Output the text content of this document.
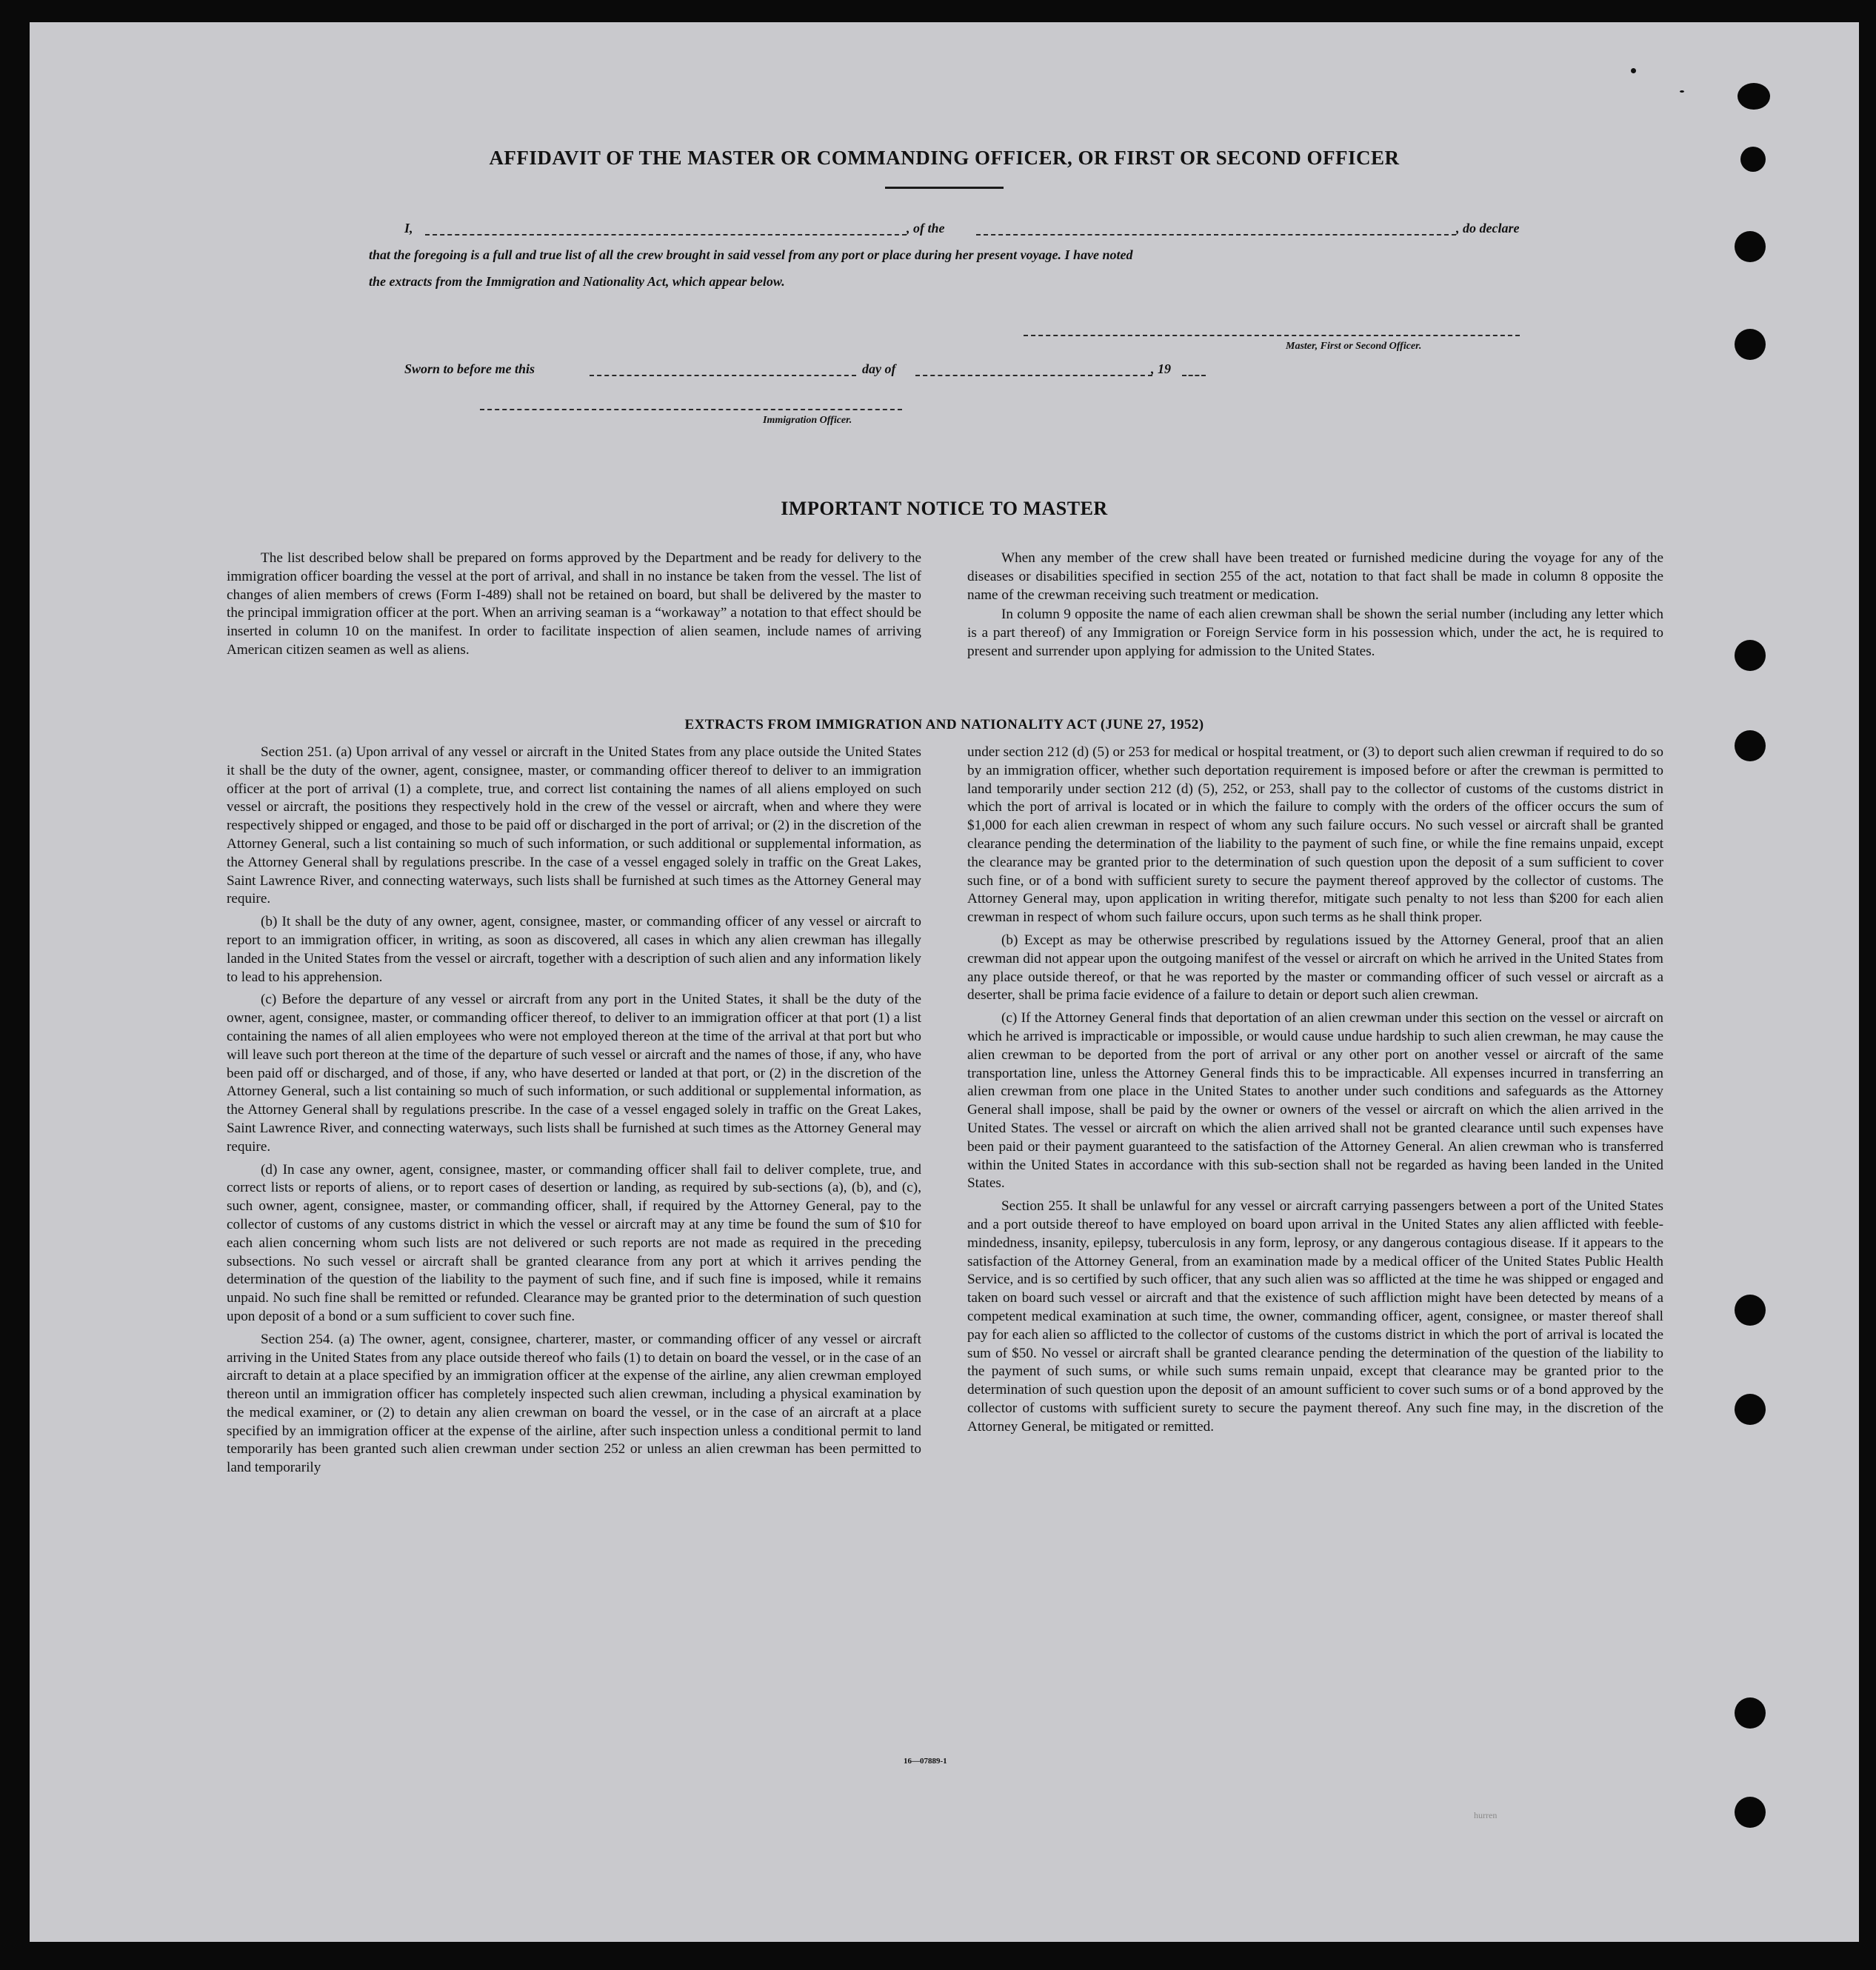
AFFIDAVIT OF THE MASTER OR COMMANDING OFFICER, OR FIRST OR SECOND OFFICER
I,	, of the	, do declare
that the foregoing is a full and true list of all the crew brought in said vessel from any port or place during her present voyage. I have noted
the extracts from the Immigration and Nationality Act, which appear below.
Master, First or Second Officer.
Sworn to before me this	day of	, 19
Immigration Officer.
IMPORTANT NOTICE TO MASTER

The list described below shall be prepared on forms approved by the Department and be ready for delivery to the immigration officer boarding the vessel at the port of arrival, and shall in no instance be taken from the vessel. The list of changes of alien members of crews (Form I-489) shall not be retained on board, but shall be delivered by the master to the principal immigration officer at the port. When an arriving seaman is a “workaway” a notation to that effect should be inserted in column 10 on the manifest. In order to facilitate inspection of alien seamen, include names of arriving American citizen seamen as well as aliens.

When any member of the crew shall have been treated or furnished medicine during the voyage for any of the diseases or disabilities specified in section 255 of the act, notation to that fact shall be made in column 8 opposite the name of the crewman receiving such treatment or medication.

In column 9 opposite the name of each alien crewman shall be shown the serial number (including any letter which is a part thereof) of any Immigration or Foreign Service form in his possession which, under the act, he is required to present and surrender upon applying for admission to the United States.

EXTRACTS FROM IMMIGRATION AND NATIONALITY ACT (JUNE 27, 1952)

Section 251. (a) Upon arrival of any vessel or aircraft in the United States from any place outside the United States it shall be the duty of the owner, agent, consignee, master, or commanding officer thereof to deliver to an immigration officer at the port of arrival (1) a complete, true, and correct list containing the names of all aliens employed on such vessel or aircraft, the positions they respectively hold in the crew of the vessel or aircraft, when and where they were respectively shipped or engaged, and those to be paid off or discharged in the port of arrival; or (2) in the discretion of the Attorney General, such a list containing so much of such information, or such additional or supplemental information, as the Attorney General shall by regulations prescribe. In the case of a vessel engaged solely in traffic on the Great Lakes, Saint Lawrence River, and connecting waterways, such lists shall be furnished at such times as the Attorney General may require.

(b) It shall be the duty of any owner, agent, consignee, master, or commanding officer of any vessel or aircraft to report to an immigration officer, in writing, as soon as discovered, all cases in which any alien crewman has illegally landed in the United States from the vessel or aircraft, together with a description of such alien and any information likely to lead to his apprehension.

(c) Before the departure of any vessel or aircraft from any port in the United States, it shall be the duty of the owner, agent, consignee, master, or commanding officer thereof, to deliver to an immigration officer at that port (1) a list containing the names of all alien employees who were not employed thereon at the time of the arrival at that port but who will leave such port thereon at the time of the departure of such vessel or aircraft and the names of those, if any, who have been paid off or discharged, and of those, if any, who have deserted or landed at that port, or (2) in the discretion of the Attorney General, such a list containing so much of such information, or such additional or supplemental information, as the Attorney General shall by regulations prescribe. In the case of a vessel engaged solely in traffic on the Great Lakes, Saint Lawrence River, and connecting waterways, such lists shall be furnished at such times as the Attorney General may require.

(d) In case any owner, agent, consignee, master, or commanding officer shall fail to deliver complete, true, and correct lists or reports of aliens, or to report cases of desertion or landing, as required by sub-sections (a), (b), and (c), such owner, agent, consignee, master, or commanding officer, shall, if required by the Attorney General, pay to the collector of customs of any customs district in which the vessel or aircraft may at any time be found the sum of $10 for each alien concerning whom such lists are not delivered or such reports are not made as required in the preceding subsections. No such vessel or aircraft shall be granted clearance from any port at which it arrives pending the determination of the question of the liability to the payment of such fine, and if such fine is imposed, while it remains unpaid. No such fine shall be remitted or refunded. Clearance may be granted prior to the determination of such question upon deposit of a bond or a sum sufficient to cover such fine.

Section 254. (a) The owner, agent, consignee, charterer, master, or commanding officer of any vessel or aircraft arriving in the United States from any place outside thereof who fails (1) to detain on board the vessel, or in the case of an aircraft to detain at a place specified by an immigration officer at the expense of the airline, any alien crewman employed thereon until an immigration officer has completely inspected such alien crewman, including a physical examination by the medical examiner, or (2) to detain any alien crewman on board the vessel, or in the case of an aircraft at a place specified by an immigration officer at the expense of the airline, after such inspection unless a conditional permit to land temporarily has been granted such alien crewman under section 252 or unless an alien crewman has been permitted to land temporarily

under section 212 (d) (5) or 253 for medical or hospital treatment, or (3) to deport such alien crewman if required to do so by an immigration officer, whether such deportation requirement is imposed before or after the crewman is permitted to land temporarily under section 212 (d) (5), 252, or 253, shall pay to the collector of customs of the customs district in which the port of arrival is located or in which the failure to comply with the orders of the officer occurs the sum of $1,000 for each alien crewman in respect of whom any such failure occurs. No such vessel or aircraft shall be granted clearance pending the determination of the liability to the payment of such fine, or while the fine remains unpaid, except the clearance may be granted prior to the determination of such question upon the deposit of a sum sufficient to cover such fine, or of a bond with sufficient surety to secure the payment thereof approved by the collector of customs. The Attorney General may, upon application in writing therefor, mitigate such penalty to not less than $200 for each alien crewman in respect of whom such failure occurs, upon such terms as he shall think proper.

(b) Except as may be otherwise prescribed by regulations issued by the Attorney General, proof that an alien crewman did not appear upon the outgoing manifest of the vessel or aircraft on which he arrived in the United States from any place outside thereof, or that he was reported by the master or commanding officer of such vessel or aircraft as a deserter, shall be prima facie evidence of a failure to detain or deport such alien crewman.

(c) If the Attorney General finds that deportation of an alien crewman under this section on the vessel or aircraft on which he arrived is impracticable or impossible, or would cause undue hardship to such alien crewman, he may cause the alien crewman to be deported from the port of arrival or any other port on another vessel or aircraft of the same transportation line, unless the Attorney General finds this to be impracticable. All expenses incurred in transferring an alien crewman from one place in the United States to another under such conditions and safeguards as the Attorney General shall impose, shall be paid by the owner or owners of the vessel or aircraft on which the alien arrived in the United States. The vessel or aircraft on which the alien arrived shall not be granted clearance until such expenses have been paid or their payment guaranteed to the satisfaction of the Attorney General. An alien crewman who is transferred within the United States in accordance with this sub-section shall not be regarded as having been landed in the United States.

Section 255. It shall be unlawful for any vessel or aircraft carrying passengers between a port of the United States and a port outside thereof to have employed on board upon arrival in the United States any alien afflicted with feeble-mindedness, insanity, epilepsy, tuberculosis in any form, leprosy, or any dangerous contagious disease. If it appears to the satisfaction of the Attorney General, from an examination made by a medical officer of the United States Public Health Service, and is so certified by such officer, that any such alien was so afflicted at the time he was shipped or engaged and taken on board such vessel or aircraft and that the existence of such affliction might have been detected by means of a competent medical examination at such time, the owner, commanding officer, agent, consignee, or master thereof shall pay for each alien so afflicted to the collector of customs of the customs district in which the port of arrival is located the sum of $50. No vessel or aircraft shall be granted clearance pending the determination of the question of the liability to the payment of such sums, or while such sums remain unpaid, except that clearance may be granted prior to the determination of such question upon the deposit of an amount sufficient to cover such sums or of a bond approved by the collector of customs with sufficient surety to secure the payment thereof. Any such fine may, in the discretion of the Attorney General, be mitigated or remitted.

16—07889-1
hurren
